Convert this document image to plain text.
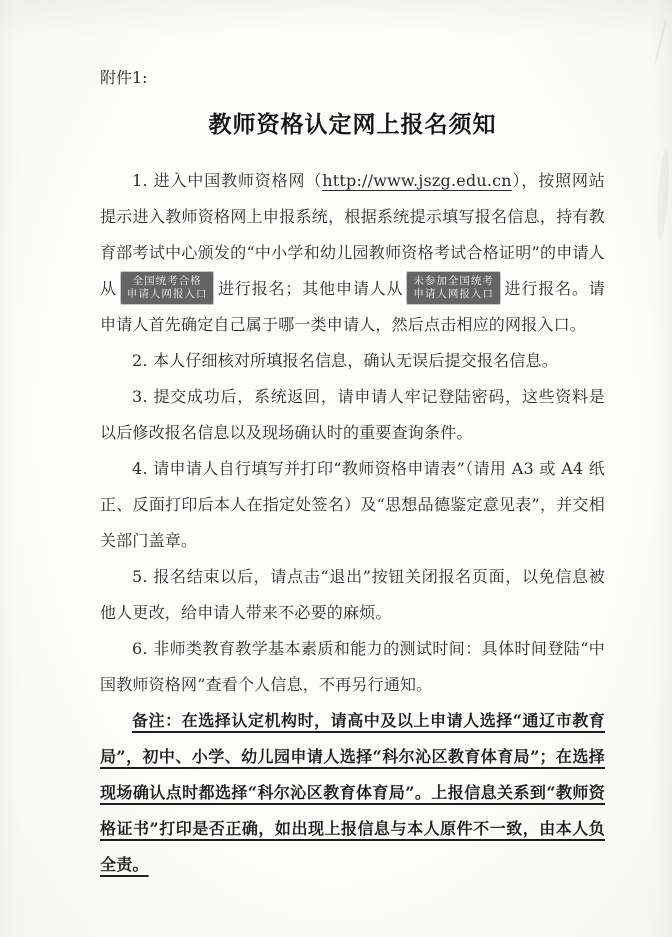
附件1:

教师资格认定网上报名须知

1. 进入中国教师资格网（http://www.jszg.edu.cn），按照网站提示进入教师资格网上申报系统，根据系统提示填写报名信息，持有教育部考试中心颁发的“中小学和幼儿园教师资格考试合格证明”的申请人从	全国统考合格
申请人网报入口 进行报名；其他申请人从 未参加全国统考
申请人网报入口 进行报名。请申请人首先确定自己属于哪一类申请人，然后点击相应的网报入口。

2. 本人仔细核对所填报名信息，确认无误后提交报名信息。

3. 提交成功后，系统返回，请申请人牢记登陆密码，这些资料是以后修改报名信息以及现场确认时的重要查询条件。

4. 请申请人自行填写并打印“教师资格申请表”（请用 A3 或 A4 纸正、反面打印后本人在指定处签名）及“思想品德鉴定意见表”，并交相关部门盖章。

5. 报名结束以后，请点击“退出”按钮关闭报名页面，以免信息被他人更改，给申请人带来不必要的麻烦。

6. 非师类教育教学基本素质和能力的测试时间：具体时间登陆“中国教师资格网”查看个人信息，不再另行通知。

备注：在选择认定机构时，请高中及以上申请人选择“通辽市教育局”，初中、小学、幼儿园申请人选择“科尔沁区教育体育局”；在选择现场确认点时都选择“科尔沁区教育体育局”。上报信息关系到“教师资格证书”打印是否正确，如出现上报信息与本人原件不一致，由本人负全责。
